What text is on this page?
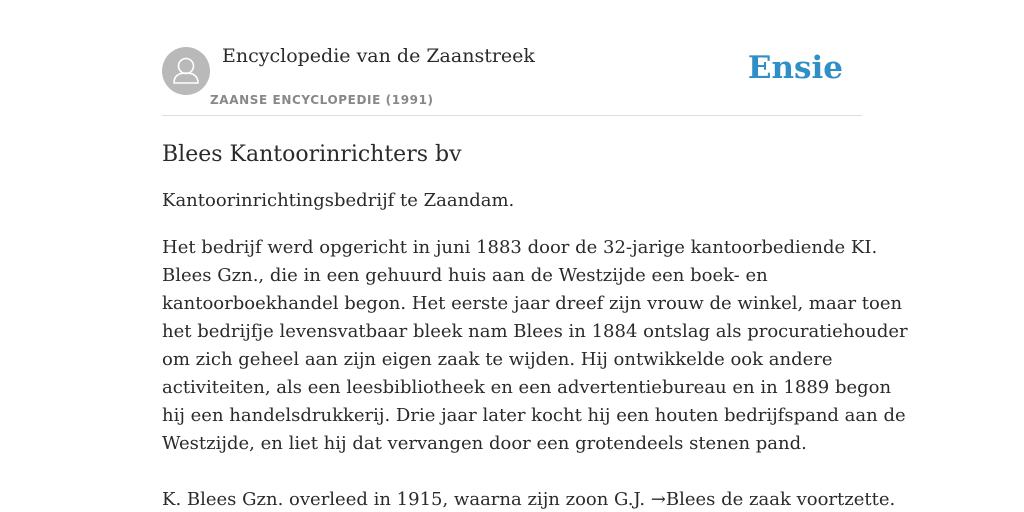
Encyclopedie van de Zaanstreek
ZAANSE ENCYCLOPEDIE (1991)
Ensie
Blees Kantoorinrichters bv

Kantoorinrichtingsbedrijf te Zaandam.

Het bedrijf werd opgericht in juni 1883 door de 32-jarige kantoorbediende KI.
Blees Gzn., die in een gehuurd huis aan de Westzijde een boek- en
kantoorboekhandel begon. Het eerste jaar dreef zijn vrouw de winkel, maar toen
het bedrijfje levensvatbaar bleek nam Blees in 1884 ontslag als procuratiehouder
om zich geheel aan zijn eigen zaak te wijden. Hij ontwikkelde ook andere
activiteiten, als een leesbibliotheek en een advertentiebureau en in 1889 begon
hij een handelsdrukkerij. Drie jaar later kocht hij een houten bedrijfspand aan de
Westzijde, en liet hij dat vervangen door een grotendeels stenen pand.
K. Blees Gzn. overleed in 1915, waarna zijn zoon G.J. →Blees de zaak voortzette.
